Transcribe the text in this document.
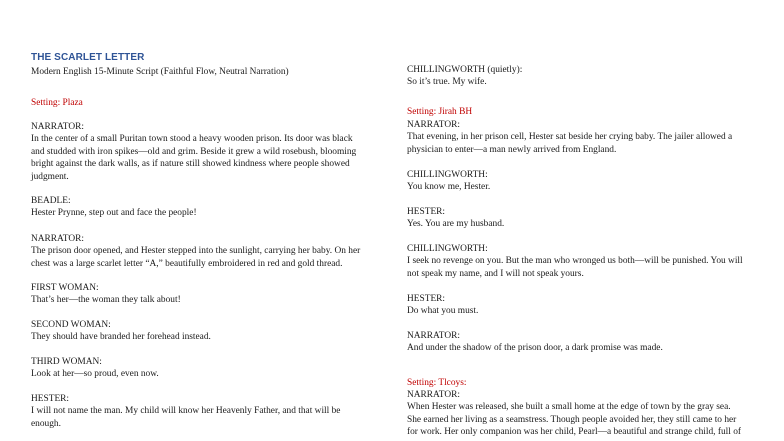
THE SCARLET LETTER
Modern English 15-Minute Script (Faithful Flow, Neutral Narration)
Setting: Plaza

NARRATOR:

In the center of a small Puritan town stood a heavy wooden prison. Its door was black

and studded with iron spikes—old and grim. Beside it grew a wild rosebush, blooming

bright against the dark walls, as if nature still showed kindness where people showed

judgment.

BEADLE:

Hester Prynne, step out and face the people!

NARRATOR:

The prison door opened, and Hester stepped into the sunlight, carrying her baby. On her

chest was a large scarlet letter “A,” beautifully embroidered in red and gold thread.

FIRST WOMAN:

That’s her—the woman they talk about!

SECOND WOMAN:

They should have branded her forehead instead.

THIRD WOMAN:

Look at her—so proud, even now.

HESTER:

I will not name the man. My child will know her Heavenly Father, and that will be

enough.

CHILLINGWORTH (quietly):

So it’s true. My wife.

Setting: Jirah BH

NARRATOR:

That evening, in her prison cell, Hester sat beside her crying baby. The jailer allowed a

physician to enter—a man newly arrived from England.

CHILLINGWORTH:

You know me, Hester.

HESTER:

Yes. You are my husband.

CHILLINGWORTH:

I seek no revenge on you. But the man who wronged us both—will be punished. You will

not speak my name, and I will not speak yours.

HESTER:

Do what you must.

NARRATOR:

And under the shadow of the prison door, a dark promise was made.

Setting: Tlcoys:

NARRATOR:

When Hester was released, she built a small home at the edge of town by the gray sea.

She earned her living as a seamstress. Though people avoided her, they still came to her

for work. Her only companion was her child, Pearl—a beautiful and strange child, full of
